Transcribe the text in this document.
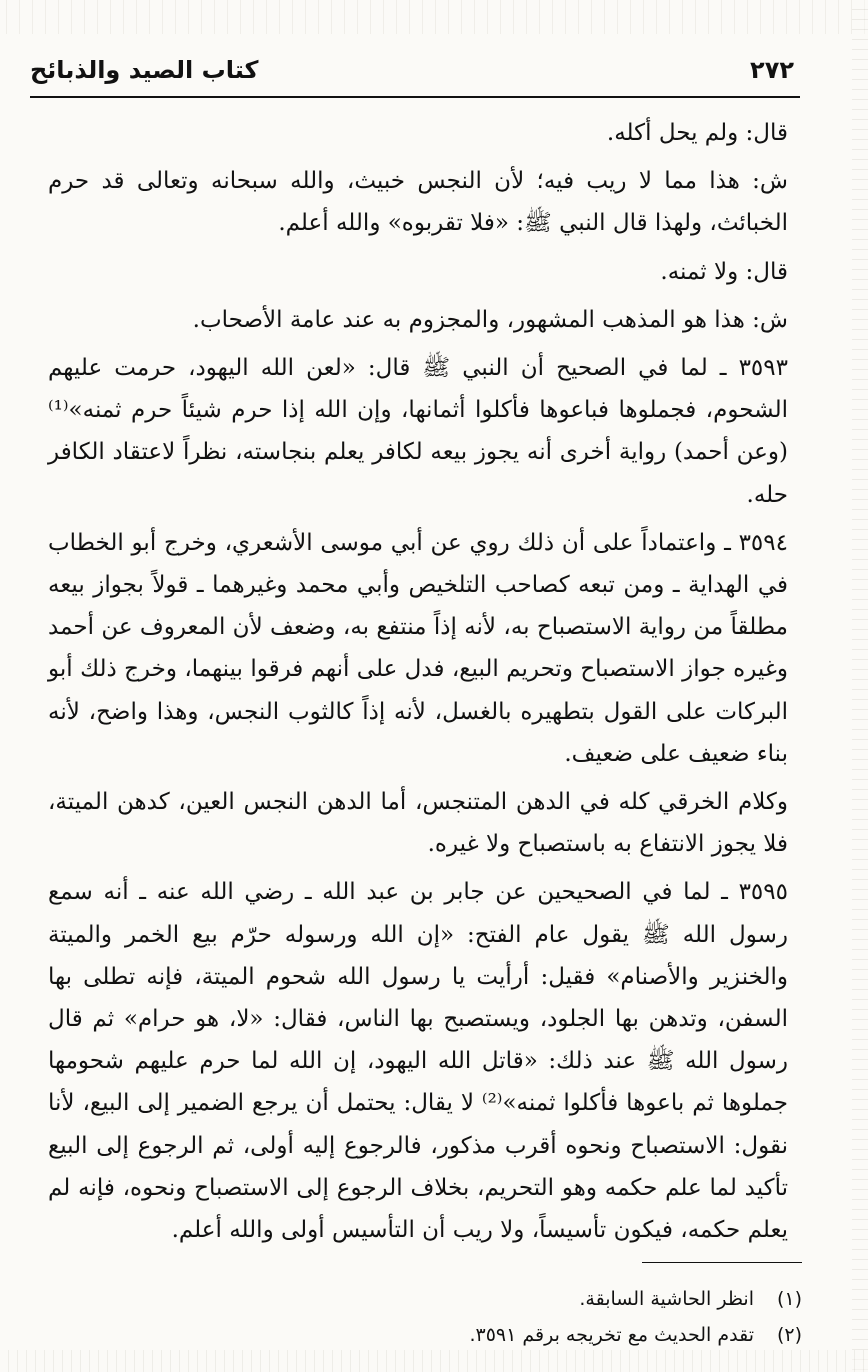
كتاب الصيد والذبائح	٢٧٢

قال: ولم يحل أكله.

ش: هذا مما لا ريب فيه؛ لأن النجس خبيث، والله سبحانه وتعالى قد حرم الخبائث، ولهذا قال النبي ﷺ: «فلا تقربوه» والله أعلم.

قال: ولا ثمنه.

ش: هذا هو المذهب المشهور، والمجزوم به عند عامة الأصحاب.

٣٥٩٣ ـ لما في الصحيح أن النبي ﷺ قال: «لعن الله اليهود، حرمت عليهم الشحوم، فجملوها فباعوها فأكلوا أثمانها، وإن الله إذا حرم شيئاً حرم ثمنه»⁽¹⁾ (وعن أحمد) رواية أخرى أنه يجوز بيعه لكافر يعلم بنجاسته، نظراً لاعتقاد الكافر حله.

٣٥٩٤ ـ واعتماداً على أن ذلك روي عن أبي موسى الأشعري، وخرج أبو الخطاب في الهداية ـ ومن تبعه كصاحب التلخيص وأبي محمد وغيرهما ـ قولاً بجواز بيعه مطلقاً من رواية الاستصباح به، لأنه إذاً منتفع به، وضعف لأن المعروف عن أحمد وغيره جواز الاستصباح وتحريم البيع، فدل على أنهم فرقوا بينهما، وخرج ذلك أبو البركات على القول بتطهيره بالغسل، لأنه إذاً كالثوب النجس، وهذا واضح، لأنه بناء ضعيف على ضعيف.

وكلام الخرقي كله في الدهن المتنجس، أما الدهن النجس العين، كدهن الميتة، فلا يجوز الانتفاع به باستصباح ولا غيره.

٣٥٩٥ ـ لما في الصحيحين عن جابر بن عبد الله ـ رضي الله عنه ـ أنه سمع رسول الله ﷺ يقول عام الفتح: «إن الله ورسوله حرّم بيع الخمر والميتة والخنزير والأصنام» فقيل: أرأيت يا رسول الله شحوم الميتة، فإنه تطلى بها السفن، وتدهن بها الجلود، ويستصبح بها الناس، فقال: «لا، هو حرام» ثم قال رسول الله ﷺ عند ذلك: «قاتل الله اليهود، إن الله لما حرم عليهم شحومها جملوها ثم باعوها فأكلوا ثمنه»⁽²⁾ لا يقال: يحتمل أن يرجع الضمير إلى البيع، لأنا نقول: الاستصباح ونحوه أقرب مذكور، فالرجوع إليه أولى، ثم الرجوع إلى البيع تأكيد لما علم حكمه وهو التحريم، بخلاف الرجوع إلى الاستصباح ونحوه، فإنه لم يعلم حكمه، فيكون تأسيساً، ولا ريب أن التأسيس أولى والله أعلم.

(١)انظر الحاشية السابقة.
(٢)تقدم الحديث مع تخريجه برقم ٣٥٩١.
